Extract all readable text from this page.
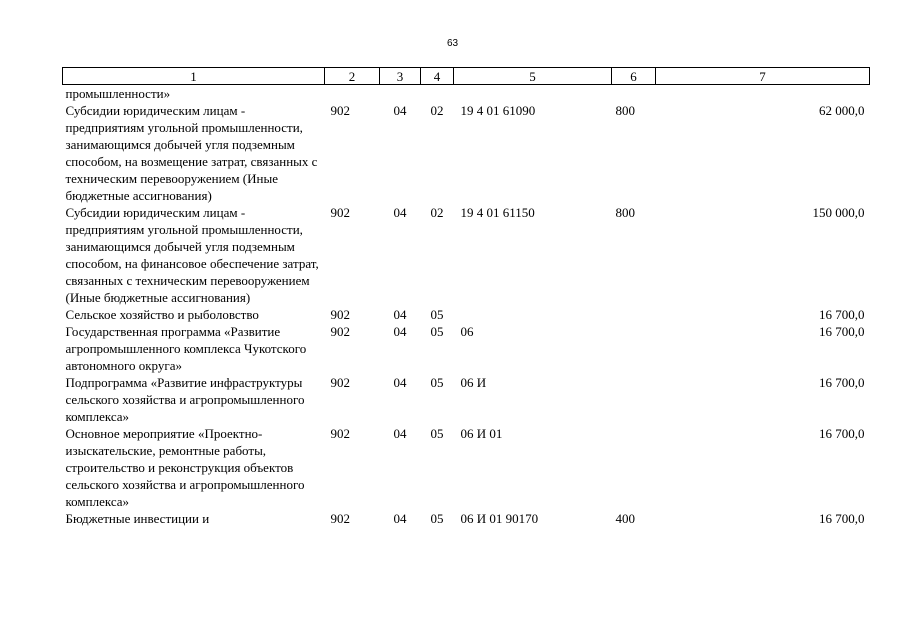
63
1	2	3	4	5	6	7
промышленности»						
Субсидии юридическим лицам - предприятиям угольной промышленности, занимающимся добычей угля подземным способом, на возмещение затрат, связанных с техническим перевооружением (Иные бюджетные ассигнования)	902	04	02	19 4 01 61090	800	62 000,0
Субсидии юридическим лицам - предприятиям угольной промышленности, занимающимся добычей угля подземным способом, на финансовое обеспечение затрат, связанных с техническим перевооружением (Иные бюджетные ассигнования)	902	04	02	19 4 01 61150	800	150 000,0
Сельское хозяйство и рыболовство	902	04	05			16 700,0
Государственная программа «Развитие агропромышленного комплекса Чукотского автономного округа»	902	04	05	06		16 700,0
Подпрограмма «Развитие инфраструктуры сельского хозяйства и агропромышленного комплекса»	902	04	05	06 И		16 700,0
Основное мероприятие «Проектно-изыскательские, ремонтные работы, строительство и реконструкция объектов сельского хозяйства и агропромышленного комплекса»	902	04	05	06 И 01		16 700,0
Бюджетные инвестиции и	902	04	05	06 И 01 90170	400	16 700,0
